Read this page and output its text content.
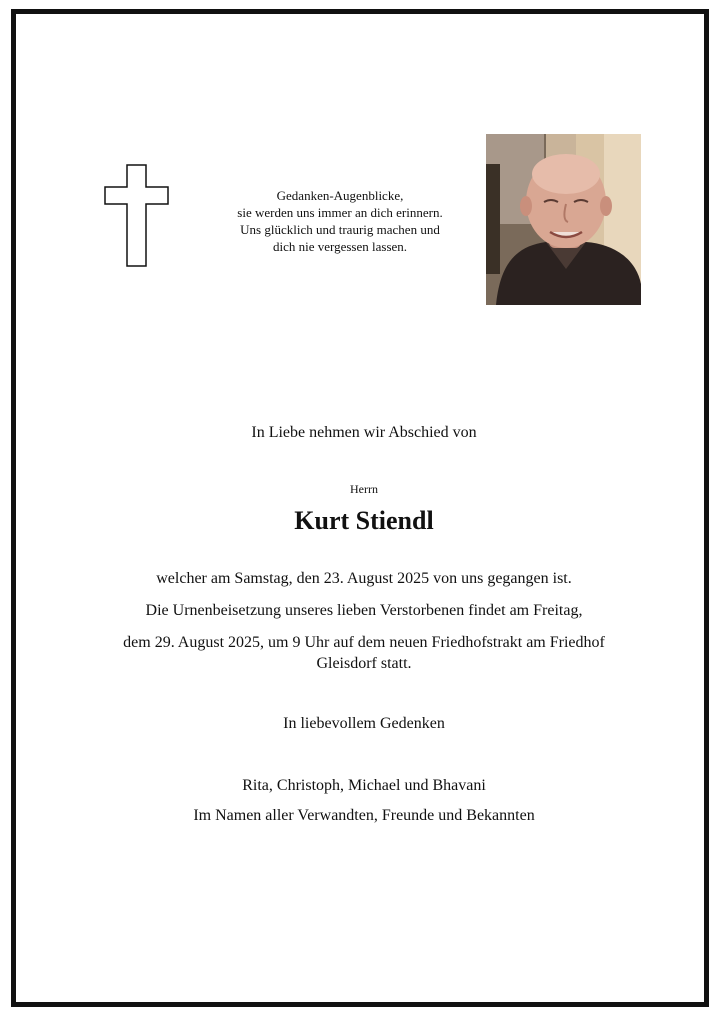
Gedanken-Augenblicke,
sie werden uns immer an dich erinnern.
Uns glücklich und traurig machen und
dich nie vergessen lassen.
In Liebe nehmen wir Abschied von
Herrn
Kurt Stiendl
welcher am Samstag, den 23. August 2025 von uns gegangen ist.
Die Urnenbeisetzung unseres lieben Verstorbenen findet am Freitag,
dem 29. August 2025, um 9 Uhr auf dem neuen Friedhofstrakt am Friedhof
Gleisdorf statt.
In liebevollem Gedenken
Rita, Christoph, Michael und Bhavani
Im Namen aller Verwandten, Freunde und Bekannten
